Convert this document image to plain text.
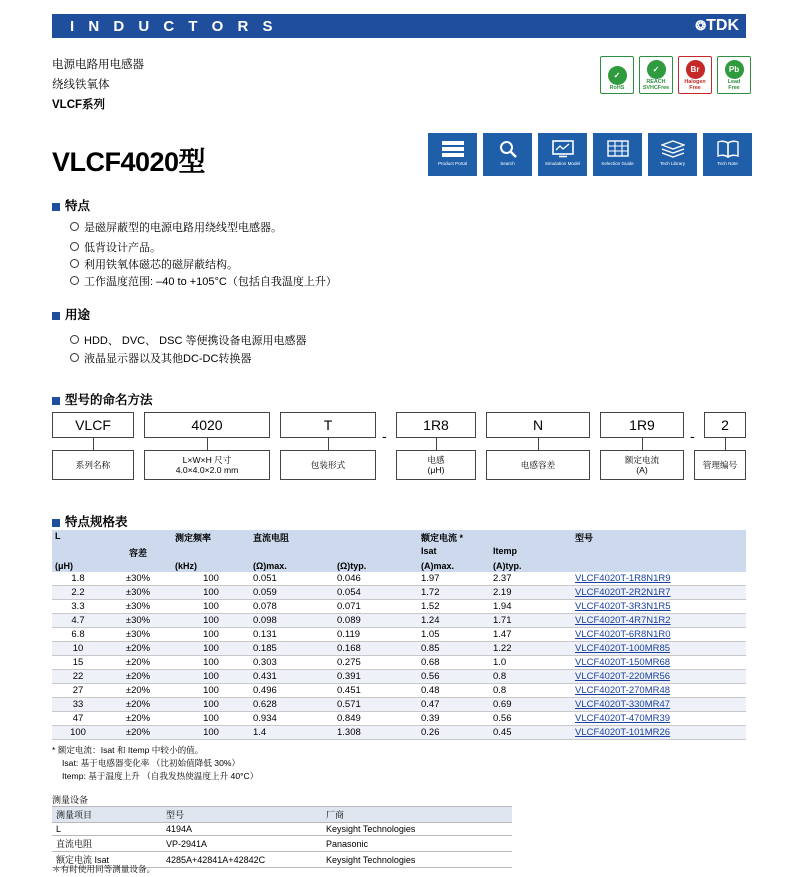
I N D U C T O R S	❂TDK
电源电路用电感器
绕线铁氧体
VLCF系列
✓
RoHS
✓
REACH
SVHCFree
Br
Halogen
Free
Pb
Lead
Free
VLCF4020型	Product Portal	Search	Simulation Model	Selection Guide	Tech Library	Tech Note
特点
是磁屏蔽型的电源电路用绕线型电感器。
低背设计产品。
利用铁氧体磁芯的磁屏蔽结构。
工作温度范围: –40 to +105°C（包括自我温度上升）
用途
HDD、 DVC、 DSC 等便携设备电源用电感器
液晶显示器以及其他DC-DC转换器
型号的命名方法
VLCF	4020	T
-
1R8	N	1R9
-
2
系列名称
L×W×H 尺寸
4.0×4.0×2.0 mm
包装形式
电感
(μH)
电感容差
额定电流
(A)
管理编号
特点规格表
L		测定频率	直流电阻		额定电流 *		型号
	容差				Isat	Itemp	
(μH)		(kHz)	(Ω)max.	(Ω)typ.	(A)max.	(A)typ.	
1.8	±30%	100	0.051	0.046	1.97	2.37	VLCF4020T-1R8N1R9
2.2	±30%	100	0.059	0.054	1.72	2.19	VLCF4020T-2R2N1R7
3.3	±30%	100	0.078	0.071	1.52	1.94	VLCF4020T-3R3N1R5
4.7	±30%	100	0.098	0.089	1.24	1.71	VLCF4020T-4R7N1R2
6.8	±30%	100	0.131	0.119	1.05	1.47	VLCF4020T-6R8N1R0
10	±20%	100	0.185	0.168	0.85	1.22	VLCF4020T-100MR85
15	±20%	100	0.303	0.275	0.68	1.0	VLCF4020T-150MR68
22	±20%	100	0.431	0.391	0.56	0.8	VLCF4020T-220MR56
27	±20%	100	0.496	0.451	0.48	0.8	VLCF4020T-270MR48
33	±20%	100	0.628	0.571	0.47	0.69	VLCF4020T-330MR47
47	±20%	100	0.934	0.849	0.39	0.56	VLCF4020T-470MR39
100	±20%	100	1.4	1.308	0.26	0.45	VLCF4020T-101MR26
* 额定电流：Isat 和 Itemp 中较小的值。
Isat: 基于电感器变化率 （比初始值降低 30%）
Itemp: 基于温度上升 （自我发热使温度上升 40°C）
测量设备
测量项目	型号	厂商
L	4194A	Keysight Technologies
直流电阻	VP-2941A	Panasonic
额定电流 Isat	4285A+42841A+42842C	Keysight Technologies
＊有时使用同等测量设备。
